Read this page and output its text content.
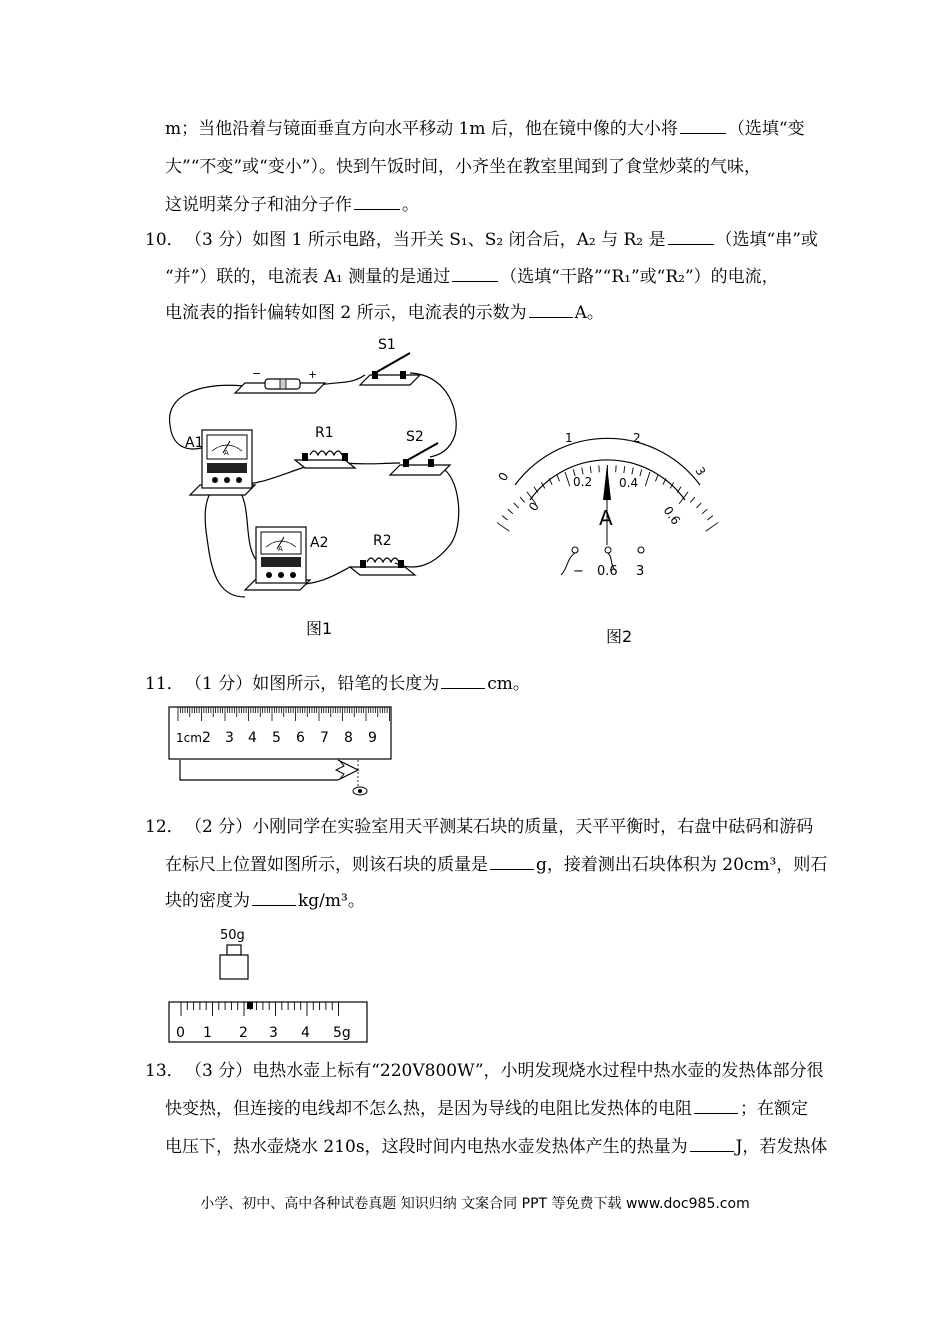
m；当他沿着与镜面垂直方向水平移动 1m 后，他在镜中像的大小将	（选填“变
大”“不变”或“变小”）。快到午饭时间，小齐坐在教室里闻到了食堂炒菜的气味，
这说明菜分子和油分子作	。
10． （3 分）如图 1 所示电路，当开关 S₁、S₂ 闭合后，A₂ 与 R₂ 是	（选填“串”或
“并”）联的，电流表 A₁ 测量的是通过	（选填“干路”“R₁”或“R₂”）的电流，
电流表的指针偏转如图 2 所示，电流表的示数为	A。
−	+
S1
A
A1
R1	S2
A A2	R2
图1
0
1	2
3
0
0.2 0.4
0.6
A
− 0.6 3
图2
11． （1 分）如图所示，铅笔的长度为	cm。
1cm 2 3 4 5 6 7 8 9
12． （2 分）小刚同学在实验室用天平测某石块的质量，天平平衡时，右盘中砝码和游码
在标尺上位置如图所示，则该石块的质量是	g，接着测出石块体积为 20cm³，则石
块的密度为	kg/m³。
50g
0 1 2 3 4 5g
13． （3 分）电热水壶上标有“220V800W”，小明发现烧水过程中热水壶的发热体部分很
快变热，但连接的电线却不怎么热，是因为导线的电阻比发热体的电阻	；在额定
电压下，热水壶烧水 210s，这段时间内电热水壶发热体产生的热量为	J，若发热体
小学、初中、高中各种试卷真题 知识归纳 文案合同 PPT 等免费下载 www.doc985.com
